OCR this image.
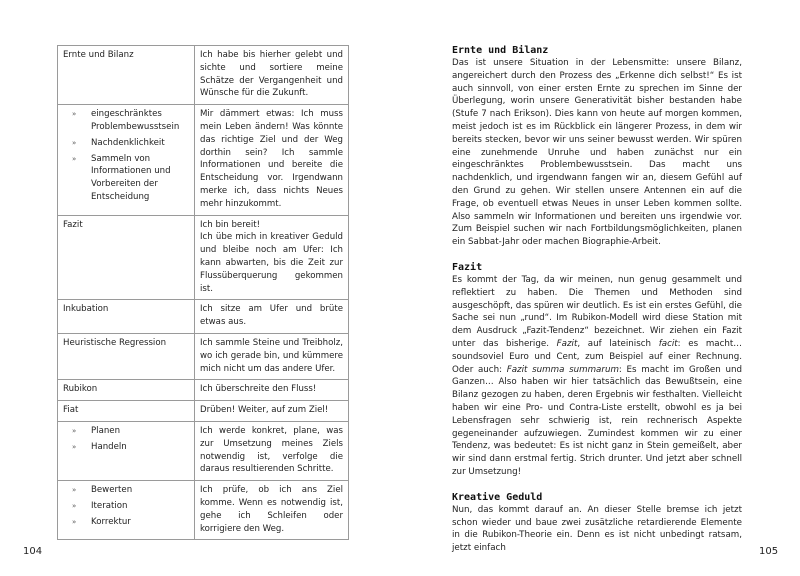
Ernte und Bilanz	Ich habe bis hierher gelebt und sichte und sortiere meine Schätze der Vergangenheit und Wünsche für die Zukunft.

» eingeschränktes Problembewusstsein
» Nachdenklichkeit
» Sammeln von Informationen und Vorbereiten der Entscheidung
	Mir dämmert etwas: Ich muss mein Leben ändern! Was könnte das richtige Ziel und der Weg dorthin sein? Ich sammle Informationen und bereite die Entscheidung vor. Irgendwann merke ich, dass nichts Neues mehr hinzukommt.
Fazit	Ich bin bereit!
Ich übe mich in kreativer Geduld und bleibe noch am Ufer: Ich kann abwarten, bis die Zeit zur Flussüberquerung gekommen ist.

Inkubation	Ich sitze am Ufer und brüte etwas aus.
Heuristische Regression	Ich sammle Steine und Treibholz, wo ich gerade bin, und kümmere mich nicht um das andere Ufer.
Rubikon	Ich überschreite den Fluss!
Fiat	Drüben! Weiter, auf zum Ziel!

» Planen
» Handeln
	Ich werde konkret, plane, was zur Umsetzung meines Ziels notwendig ist, verfolge die daraus resultierenden Schritte.

» Bewerten
» Iteration
» Korrektur
	Ich prüfe, ob ich ans Ziel komme. Wenn es notwendig ist, gehe ich Schleifen oder korrigiere den Weg.
104
Ernte und Bilanz

Das ist unsere Situation in der Lebensmitte: unsere Bilanz, angereichert durch den Prozess des „Erkenne dich selbst!“ Es ist auch sinnvoll, von einer ersten Ernte zu sprechen im Sinne der Überlegung, worin unsere Generativität bisher bestanden habe (Stufe 7 nach Erikson). Dies kann von heute auf morgen kommen, meist jedoch ist es im Rückblick ein längerer Prozess, in dem wir bereits stecken, bevor wir uns seiner bewusst werden. Wir spüren eine zunehmende Unruhe und haben zunächst nur ein eingeschränktes Problembewusstsein. Das macht uns nachdenklich, und irgendwann fangen wir an, diesem Gefühl auf den Grund zu gehen. Wir stellen unsere Antennen ein auf die Frage, ob eventuell etwas Neues in unser Leben kommen sollte. Also sammeln wir Informationen und bereiten uns irgendwie vor. Zum Beispiel suchen wir nach Fortbildungsmöglichkeiten, planen ein Sabbat-Jahr oder machen Biographie-Arbeit.

Fazit

Es kommt der Tag, da wir meinen, nun genug gesammelt und reflektiert zu haben. Die Themen und Methoden sind ausgeschöpft, das spüren wir deutlich. Es ist ein erstes Gefühl, die Sache sei nun „rund“. Im Rubikon-Modell wird diese Station mit dem Ausdruck „Fazit-Tendenz“ bezeichnet. Wir ziehen ein Fazit unter das bisherige. Fazit, auf lateinisch facit: es macht… soundsoviel Euro und Cent, zum Beispiel auf einer Rechnung. Oder auch: Fazit summa summarum: Es macht im Großen und Ganzen… Also haben wir hier tatsächlich das Bewußtsein, eine Bilanz gezogen zu haben, deren Ergebnis wir festhalten. Vielleicht haben wir eine Pro- und Contra-Liste erstellt, obwohl es ja bei Lebensfragen sehr schwierig ist, rein rechnerisch Aspekte gegeneinander aufzuwiegen. Zumindest kommen wir zu einer Tendenz, was bedeutet: Es ist nicht ganz in Stein gemeißelt, aber wir sind dann erstmal fertig. Strich drunter. Und jetzt aber schnell zur Umsetzung!

Kreative Geduld

Nun, das kommt darauf an. An dieser Stelle bremse ich jetzt schon wieder und baue zwei zusätzliche retardierende Elemente in die Rubikon-Theorie ein. Denn es ist nicht unbedingt ratsam, jetzt einfach	105
